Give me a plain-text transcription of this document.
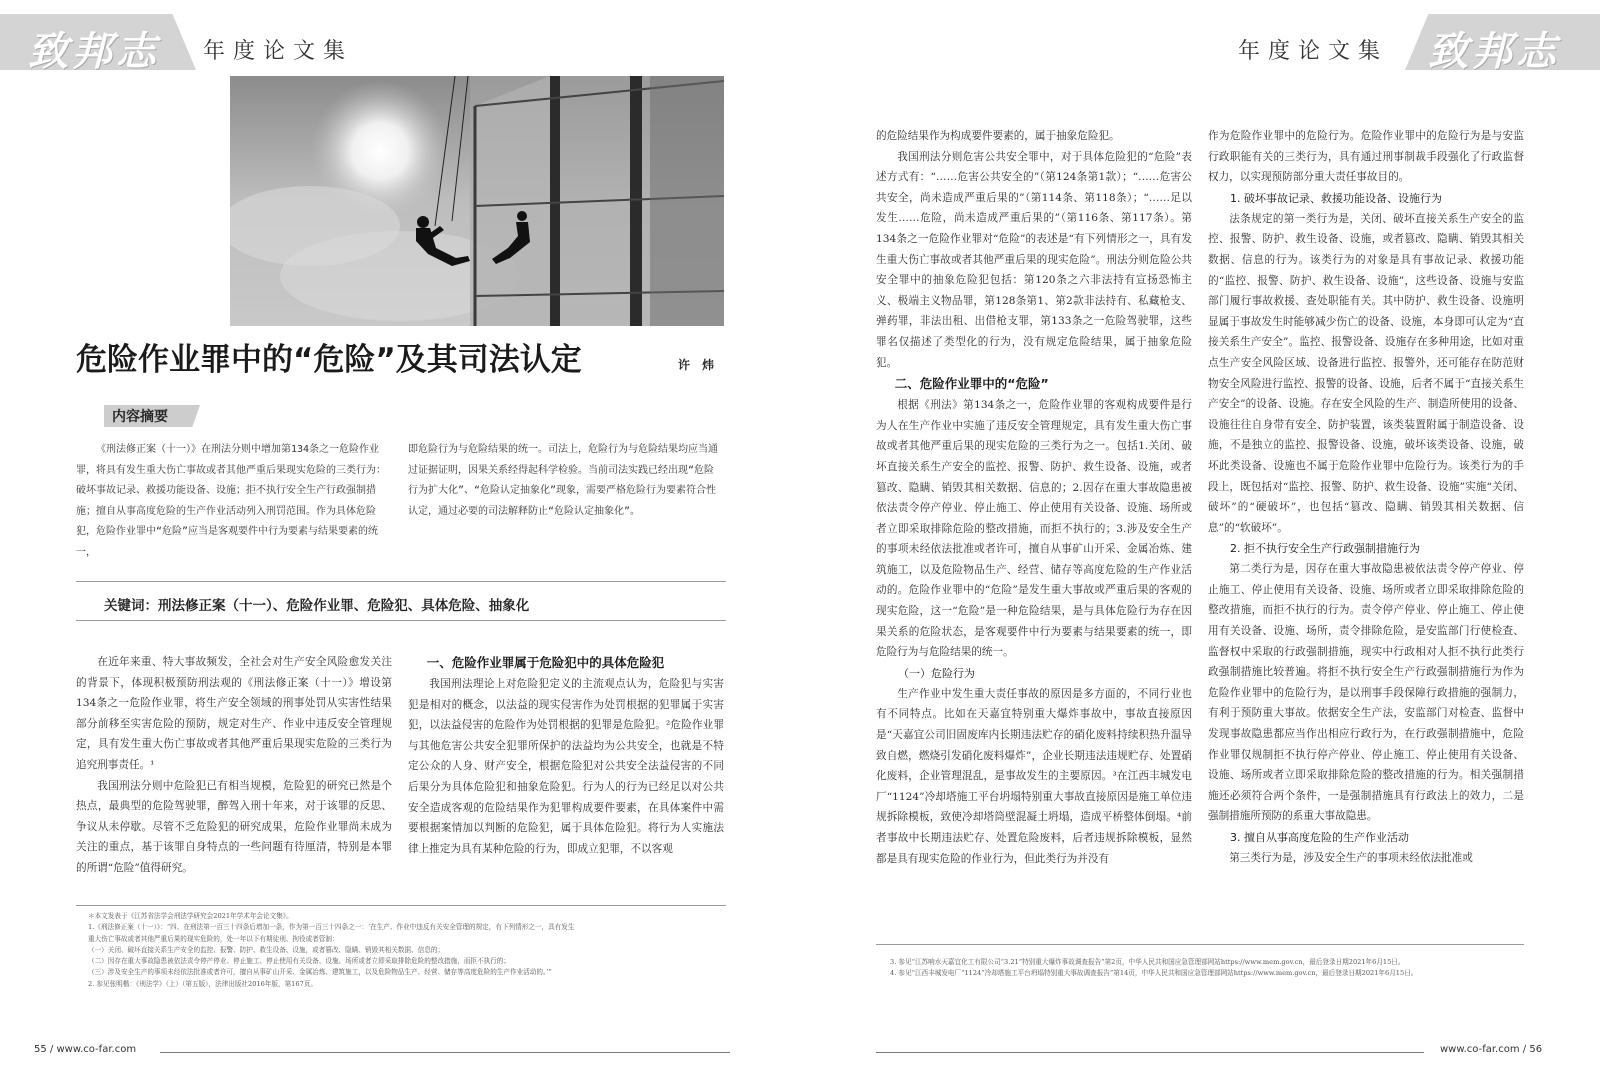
致邦志 年度论文集	致邦志
年度论文集
危险作业罪中的“危险”及其司法认定	许 炜
内容摘要

《刑法修正案（十一）》在刑法分则中增加第134条之一危险作业罪，将具有发生重大伤亡事故或者其他严重后果现实危险的三类行为：破坏事故记录、救援功能设备、设施；拒不执行安全生产行政强制措施；擅自从事高度危险的生产作业活动列入刑罚范围。作为具体危险犯，危险作业罪中“危险”应当是客观要件中行为要素与结果要素的统一，

即危险行为与危险结果的统一。司法上，危险行为与危险结果均应当通过证据证明，因果关系经得起科学检验。当前司法实践已经出现“危险行为扩大化”、“危险认定抽象化”现象，需要严格危险行为要素符合性认定，通过必要的司法解释防止“危险认定抽象化”。

关键词：刑法修正案（十一）、危险作业罪、危险犯、具体危险、抽象化

在近年来重、特大事故频发，全社会对生产安全风险愈发关注的背景下，体现积极预防刑法观的《刑法修正案（十一）》增设第134条之一危险作业罪，将生产安全领域的刑事处罚从实害性结果部分前移至实害危险的预防，规定对生产、作业中违反安全管理规定，具有发生重大伤亡事故或者其他严重后果现实危险的三类行为追究刑事责任。¹

我国刑法分则中危险犯已有相当规模，危险犯的研究已然是个热点，最典型的危险驾驶罪，醉驾入刑十年来，对于该罪的反思、争议从未停歇。尽管不乏危险犯的研究成果，危险作业罪尚未成为关注的重点，基于该罪自身特点的一些问题有待厘清，特别是本罪的所谓“危险”值得研究。

一、危险作业罪属于危险犯中的具体危险犯

我国刑法理论上对危险犯定义的主流观点认为，危险犯与实害犯是相对的概念，以法益的现实侵害作为处罚根据的犯罪属于实害犯，以法益侵害的危险作为处罚根据的犯罪是危险犯。²危险作业罪与其他危害公共安全犯罪所保护的法益均为公共安全，也就是不特定公众的人身、财产安全，根据危险犯对公共安全法益侵害的不同后果分为具体危险犯和抽象危险犯。行为人的行为已经足以对公共安全造成客观的危险结果作为犯罪构成要件要素，在具体案件中需要根据案情加以判断的危险犯，属于具体危险犯。将行为人实施法律上推定为具有某种危险的行为，即成立犯罪，不以客观

＊本文发表于《江苏省法学会刑法学研究会2021年学术年会论文集》。
1.《刑法修正案（十一）》：“四、在刑法第一百三十四条后增加一条，作为第一百三十四条之一：‘在生产、作业中违反有关安全管理的规定，有下列情形之一，具有发生
重大伤亡事故或者其他严重后果的现实危险的，处一年以下有期徒刑、拘役或者管制：
（一）关闭、破坏直接关系生产安全的监控、报警、防护、救生设备、设施，或者篡改、隐瞒、销毁其相关数据、信息的；
（二）因存在重大事故隐患被依法责令停产停业、停止施工、停止使用有关设备、设施、场所或者立即采取排除危险的整改措施，而拒不执行的；
（三）涉及安全生产的事项未经依法批准或者许可，擅自从事矿山开采、金属冶炼、建筑施工，以及危险物品生产、经营、储存等高度危险的生产作业活动的。’”
2. 参见张明楷：《刑法学》（上）（第五版），法律出版社2016年版，第167页。

的危险结果作为构成要件要素的，属于抽象危险犯。

我国刑法分则危害公共安全罪中，对于具体危险犯的“危险”表述方式有：“……危害公共安全的”（第124条第1款）；“……危害公共安全，尚未造成严重后果的”（第114条、第118条）；“……足以发生……危险，尚未造成严重后果的”（第116条、第117条）。第134条之一危险作业罪对“危险”的表述是“有下列情形之一，具有发生重大伤亡事故或者其他严重后果的现实危险”。刑法分则危险公共安全罪中的抽象危险犯包括：第120条之六非法持有宣扬恐怖主义、极端主义物品罪，第128条第1、第2款非法持有、私藏枪支、弹药罪，非法出租、出借枪支罪，第133条之一危险驾驶罪，这些罪名仅描述了类型化的行为，没有规定危险结果，属于抽象危险犯。

二、危险作业罪中的“危险”

根据《刑法》第134条之一，危险作业罪的客观构成要件是行为人在生产作业中实施了违反安全管理规定，具有发生重大伤亡事故或者其他严重后果的现实危险的三类行为之一。包括1.关闭、破坏直接关系生产安全的监控、报警、防护、救生设备、设施，或者篡改、隐瞒、销毁其相关数据、信息的；2.因存在重大事故隐患被依法责令停产停业、停止施工、停止使用有关设备、设施、场所或者立即采取排除危险的整改措施，而拒不执行的；3.涉及安全生产的事项未经依法批准或者许可，擅自从事矿山开采、金属冶炼、建筑施工，以及危险物品生产、经营、储存等高度危险的生产作业活动的。危险作业罪中的“危险”是发生重大事故或严重后果的客观的现实危险，这一“危险”是一种危险结果，是与具体危险行为存在因果关系的危险状态，是客观要件中行为要素与结果要素的统一，即危险行为与危险结果的统一。

（一）危险行为

生产作业中发生重大责任事故的原因是多方面的，不同行业也有不同特点。比如在天嘉宜特别重大爆炸事故中，事故直接原因是“天嘉宜公司旧固废库内长期违法贮存的硝化废料持续积热升温导致自燃，燃烧引发硝化废料爆炸”，企业长期违法违规贮存、处置硝化废料，企业管理混乱，是事故发生的主要原因。³在江西丰城发电厂“1124”冷却塔施工平台坍塌特别重大事故直接原因是施工单位违规拆除模板，致使冷却塔筒壁混凝土坍塌，造成平桥整体倒塌。⁴前者事故中长期违法贮存、处置危险废料，后者违规拆除模板，显然都是具有现实危险的作业行为，但此类行为并没有

作为危险作业罪中的危险行为。危险作业罪中的危险行为是与安监行政职能有关的三类行为，具有通过刑事制裁手段强化了行政监督权力，以实现预防部分重大责任事故目的。

1. 破坏事故记录、救援功能设备、设施行为

法条规定的第一类行为是，关闭、破坏直接关系生产安全的监控、报警、防护、救生设备、设施，或者篡改、隐瞒、销毁其相关数据、信息的行为。该类行为的对象是具有事故记录、救援功能的“监控、报警、防护、救生设备、设施”，这些设备、设施与安监部门履行事故救援、查处职能有关。其中防护、救生设备、设施明显属于事故发生时能够减少伤亡的设备、设施，本身即可认定为“直接关系生产安全”。监控、报警设备、设施存在多种用途，比如对重点生产安全风险区域、设备进行监控、报警外，还可能存在防范财物安全风险进行监控、报警的设备、设施，后者不属于“直接关系生产安全”的设备、设施。存在安全风险的生产、制造所使用的设备、设施往往自身带有安全、防护装置，该类装置附属于制造设备、设施，不是独立的监控、报警设备、设施，破坏该类设备、设施，破坏此类设备、设施也不属于危险作业罪中危险行为。该类行为的手段上，既包括对“监控、报警、防护、救生设备、设施”实施“关闭、破坏”的“硬破坏”，也包括“篡改、隐瞒、销毁其相关数据、信息”的“软破坏”。

2. 拒不执行安全生产行政强制措施行为

第二类行为是，因存在重大事故隐患被依法责令停产停业、停止施工、停止使用有关设备、设施、场所或者立即采取排除危险的整改措施，而拒不执行的行为。责令停产停业、停止施工、停止使用有关设备、设施、场所，责令排除危险，是安监部门行使检查、监督权中采取的行政强制措施，现实中行政相对人拒不执行此类行政强制措施比较普遍。将拒不执行安全生产行政强制措施行为作为危险作业罪中的危险行为，是以刑事手段保障行政措施的强制力，有利于预防重大事故。依据安全生产法，安监部门对检查、监督中发现事故隐患都应当作出相应行政行为，在行政强制措施中，危险作业罪仅规制拒不执行停产停业、停止施工、停止使用有关设备、设施、场所或者立即采取排除危险的整改措施的行为。相关强制措施还必须符合两个条件，一是强制措施具有行政法上的效力，二是强制措施所预防的系重大事故隐患。

3. 擅自从事高度危险的生产作业活动

第三类行为是，涉及安全生产的事项未经依法批准或

3. 参见“江苏响水天嘉宜化工有限公司“3.21”特别重大爆炸事故调查报告”第2页，中华人民共和国应急管理部网站https://www.mem.gov.cn，最后登录日期2021年6月15日。
4. 参见“江西丰城发电厂“1124”冷却塔施工平台坍塌特别重大事故调查报告”第14页，中华人民共和国应急管理部网站https://www.mem.gov.cn，最后登录日期2021年6月15日。
55 / www.co-far.com	www.co-far.com / 56
